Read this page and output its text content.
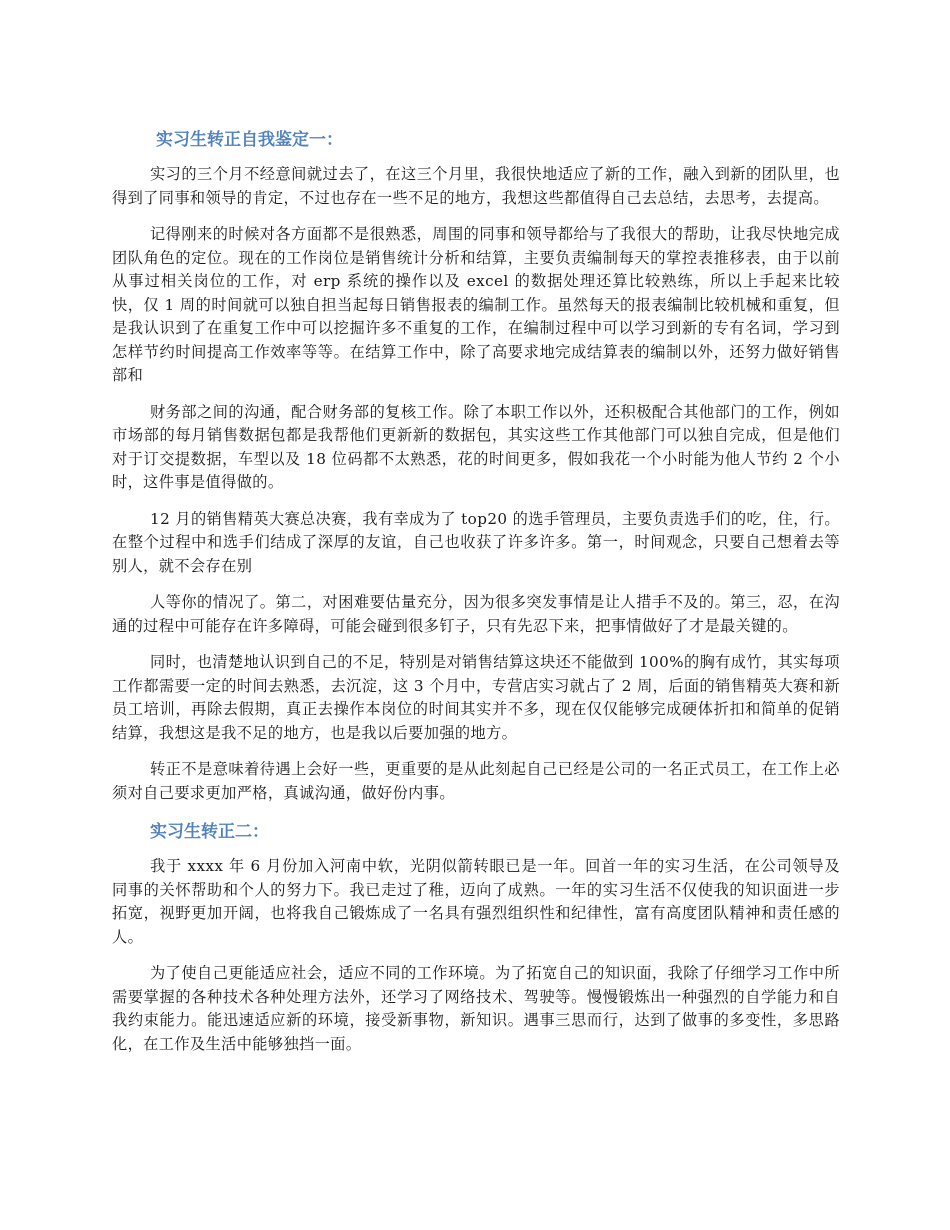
实习生转正自我鉴定一：

实习的三个月不经意间就过去了，在这三个月里，我很快地适应了新的工作，融入到新的团队里，也得到了同事和领导的肯定，不过也存在一些不足的地方，我想这些都值得自己去总结，去思考，去提高。

记得刚来的时候对各方面都不是很熟悉，周围的同事和领导都给与了我很大的帮助，让我尽快地完成团队角色的定位。现在的工作岗位是销售统计分析和结算，主要负责编制每天的掌控表推移表，由于以前从事过相关岗位的工作，对 erp 系统的操作以及 excel 的数据处理还算比较熟练，所以上手起来比较快，仅 1 周的时间就可以独自担当起每日销售报表的编制工作。虽然每天的报表编制比较机械和重复，但是我认识到了在重复工作中可以挖掘许多不重复的工作，在编制过程中可以学习到新的专有名词，学习到怎样节约时间提高工作效率等等。在结算工作中，除了高要求地完成结算表的编制以外，还努力做好销售部和

财务部之间的沟通，配合财务部的复核工作。除了本职工作以外，还积极配合其他部门的工作，例如市场部的每月销售数据包都是我帮他们更新新的数据包，其实这些工作其他部门可以独自完成，但是他们对于订交提数据，车型以及 18 位码都不太熟悉，花的时间更多，假如我花一个小时能为他人节约 2 个小时，这件事是值得做的。

12 月的销售精英大赛总决赛，我有幸成为了 top20 的选手管理员，主要负责选手们的吃，住，行。在整个过程中和选手们结成了深厚的友谊，自己也收获了许多许多。第一，时间观念，只要自己想着去等别人，就不会存在别

人等你的情况了。第二，对困难要估量充分，因为很多突发事情是让人措手不及的。第三，忍，在沟通的过程中可能存在许多障碍，可能会碰到很多钉子，只有先忍下来，把事情做好了才是最关键的。

同时，也清楚地认识到自己的不足，特别是对销售结算这块还不能做到 100%的胸有成竹，其实每项工作都需要一定的时间去熟悉，去沉淀，这 3 个月中，专营店实习就占了 2 周，后面的销售精英大赛和新员工培训，再除去假期，真正去操作本岗位的时间其实并不多，现在仅仅能够完成硬体折扣和简单的促销结算，我想这是我不足的地方，也是我以后要加强的地方。

转正不是意味着待遇上会好一些，更重要的是从此刻起自己已经是公司的一名正式员工，在工作上必须对自己要求更加严格，真诚沟通，做好份内事。

实习生转正二：

我于 xxxx 年 6 月份加入河南中软，光阴似箭转眼已是一年。回首一年的实习生活，在公司领导及同事的关怀帮助和个人的努力下。我已走过了稚，迈向了成熟。一年的实习生活不仅使我的知识面进一步拓宽，视野更加开阔，也将我自己锻炼成了一名具有强烈组织性和纪律性，富有高度团队精神和责任感的人。

为了使自己更能适应社会，适应不同的工作环境。为了拓宽自己的知识面，我除了仔细学习工作中所需要掌握的各种技术各种处理方法外，还学习了网络技术、驾驶等。慢慢锻炼出一种强烈的自学能力和自我约束能力。能迅速适应新的环境，接受新事物，新知识。遇事三思而行，达到了做事的多变性，多思路化，在工作及生活中能够独挡一面。
